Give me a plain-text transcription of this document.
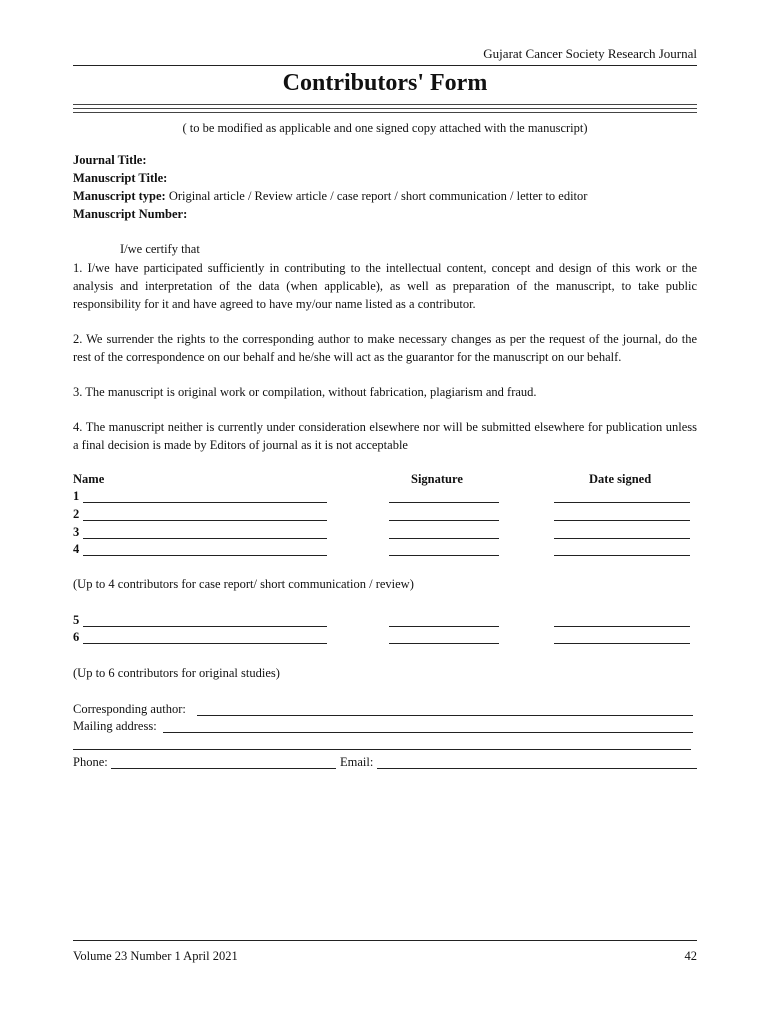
Gujarat Cancer Society Research Journal
Contributors' Form
( to be modified as applicable and one signed copy attached with the manuscript)
Journal Title:
Manuscript Title:
Manuscript type: Original article / Review article / case report / short communication / letter to editor
Manuscript Number:
I/we certify that
1. I/we have participated sufficiently in contributing to the intellectual content, concept and design of this work or the analysis and interpretation of the data (when applicable), as well as preparation of the manuscript, to take public responsibility for it and have agreed to have my/our name listed as a contributor.
2. We surrender the rights to the corresponding author to make necessary changes as per the request of the journal, do the rest of the correspondence on our behalf and he/she will act as the guarantor for the manuscript on our behalf.
3. The manuscript is original work or compilation, without fabrication, plagiarism and fraud.
4. The manuscript neither is currently under consideration elsewhere nor will be submitted elsewhere for publication unless a final decision is made by Editors of journal as it is not acceptable
Name	Signature	Date signed
1
2
3
4
(Up to 4 contributors for case report/ short communication / review)
5
6
(Up to 6 contributors for original studies)
Corresponding author:
Mailing address:
Phone:	Email:
Volume 23 Number 1 April 2021	42
